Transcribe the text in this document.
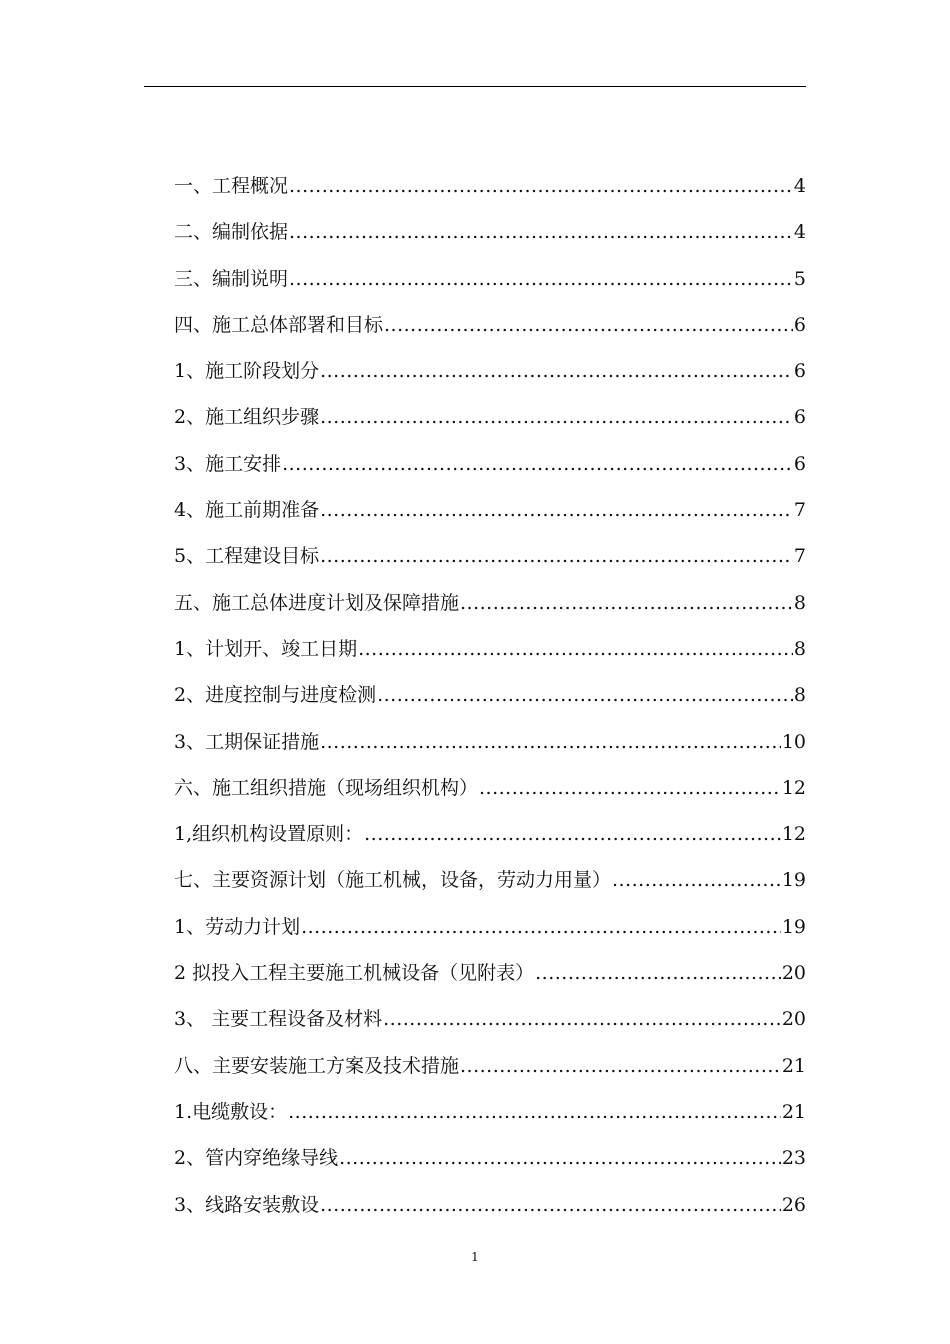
一、工程概况 .....	4
二、编制依据 .....	4
三、编制说明 .....	5
四、施工总体部署和目标 .....	6
1、施工阶段划分 .....	6
2、施工组织步骤 .....	6
3、施工安排 .....	6
4、施工前期准备 .....	7
5、工程建设目标 .....	7
五、施工总体进度计划及保障措施 .....	8
1、计划开、竣工日期 .....	8
2、进度控制与进度检测 .....	8
3、工期保证措施 .....	10
六、施工组织措施（现场组织机构） .....	12
1,组织机构设置原则： .....	12
七、主要资源计划（施工机械，设备，劳动力用量） .....	19
1、劳动力计划 .....	19
2 拟投入工程主要施工机械设备（见附表） .....	20
3、 主要工程设备及材料 .....	20
八、主要安装施工方案及技术措施 .....	21
1.电缆敷设： .....	21
2、管内穿绝缘导线 .....	23
3、线路安装敷设 .....	26
1
